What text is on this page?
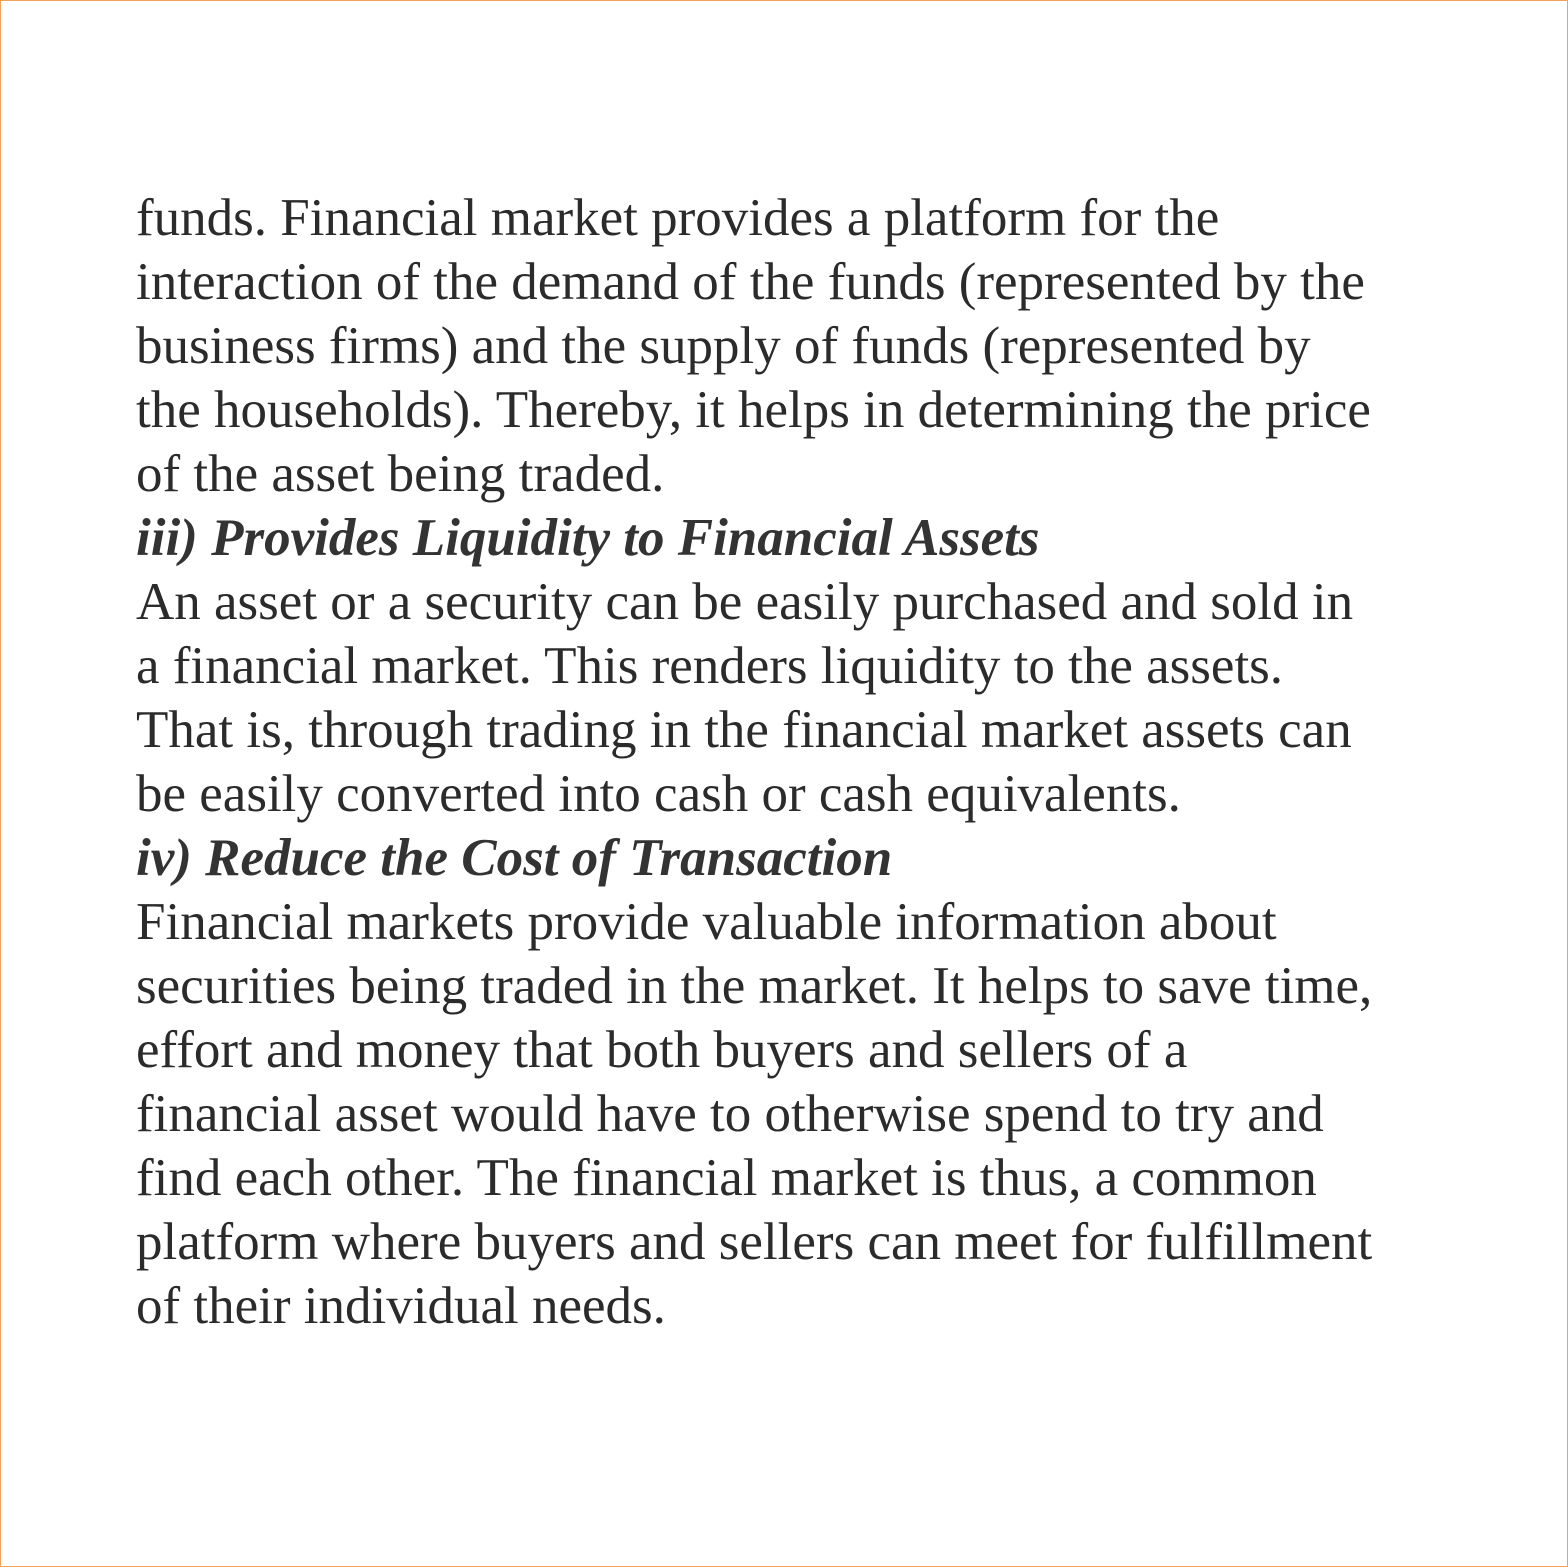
funds. Financial market provides a platform for the
interaction of the demand of the funds (represented by the
business firms) and the supply of funds (represented by
the households). Thereby, it helps in determining the price
of the asset being traded.
iii) Provides Liquidity to Financial Assets
An asset or a security can be easily purchased and sold in
a financial market. This renders liquidity to the assets.
That is, through trading in the financial market assets can
be easily converted into cash or cash equivalents.
iv) Reduce the Cost of Transaction
Financial markets provide valuable information about
securities being traded in the market. It helps to save time,
effort and money that both buyers and sellers of a
financial asset would have to otherwise spend to try and
find each other. The financial market is thus, a common
platform where buyers and sellers can meet for fulfillment
of their individual needs.
